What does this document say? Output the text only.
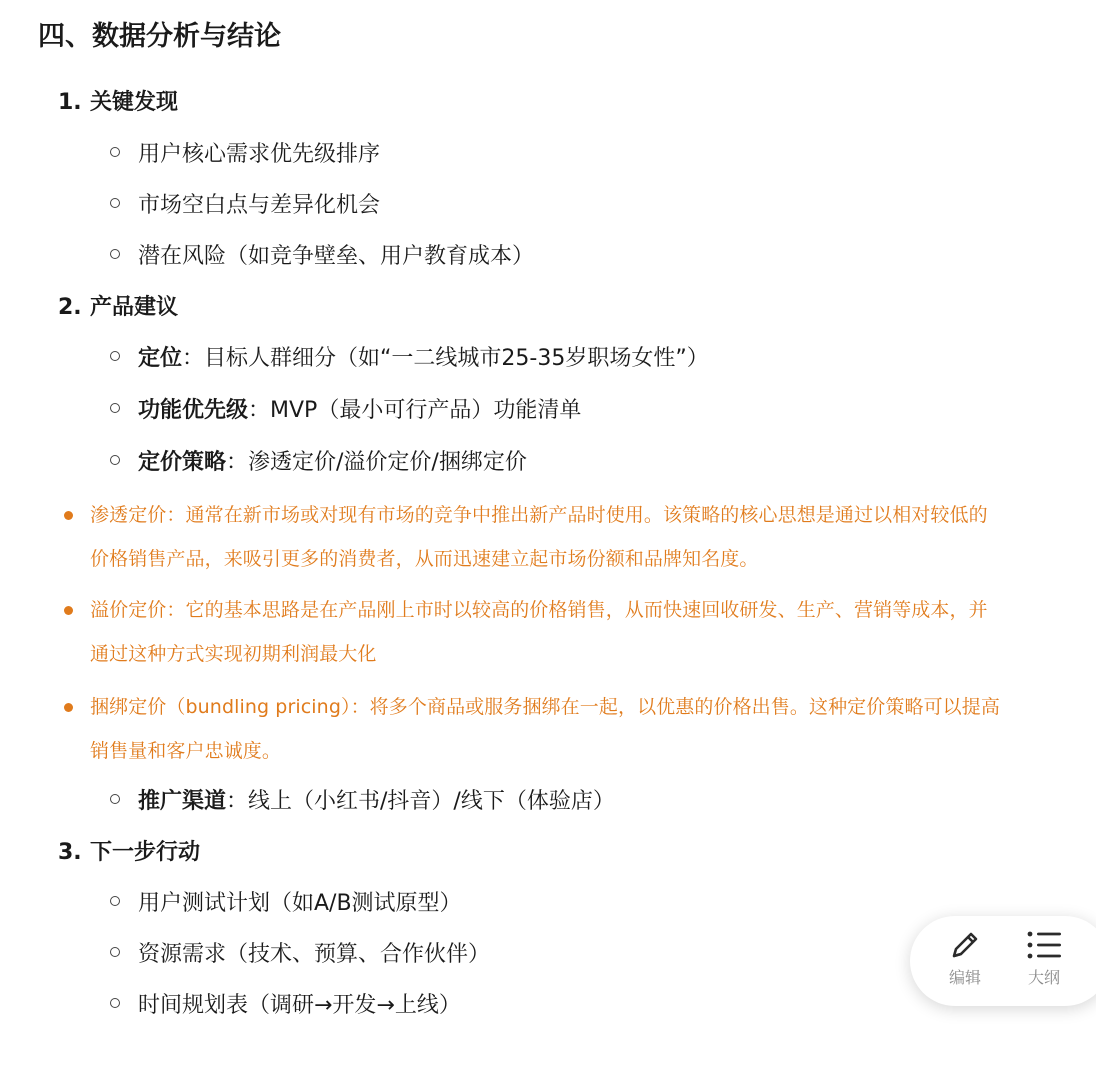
四、数据分析与结论
1. 关键发现
用户核心需求优先级排序
市场空白点与差异化机会
潜在风险（如竞争壁垒、用户教育成本）
2. 产品建议
定位：目标人群细分（如“一二线城市25-35岁职场女性”）
功能优先级：MVP（最小可行产品）功能清单
定价策略：渗透定价/溢价定价/捆绑定价
渗透定价：通常在新市场或对现有市场的竞争中推出新产品时使用。该策略的核心思想是通过以相对较低的
价格销售产品，来吸引更多的消费者，从而迅速建立起市场份额和品牌知名度。
溢价定价：它的基本思路是在产品刚上市时以较高的价格销售，从而快速回收研发、生产、营销等成本，并
通过这种方式实现初期利润最大化
捆绑定价（bundling pricing）：将多个商品或服务捆绑在一起，以优惠的价格出售。这种定价策略可以提高
销售量和客户忠诚度。
推广渠道：线上（小红书/抖音）/线下（体验店）
3. 下一步行动
用户测试计划（如A/B测试原型）
资源需求（技术、预算、合作伙伴）
时间规划表（调研→开发→上线）
编辑	大纲
